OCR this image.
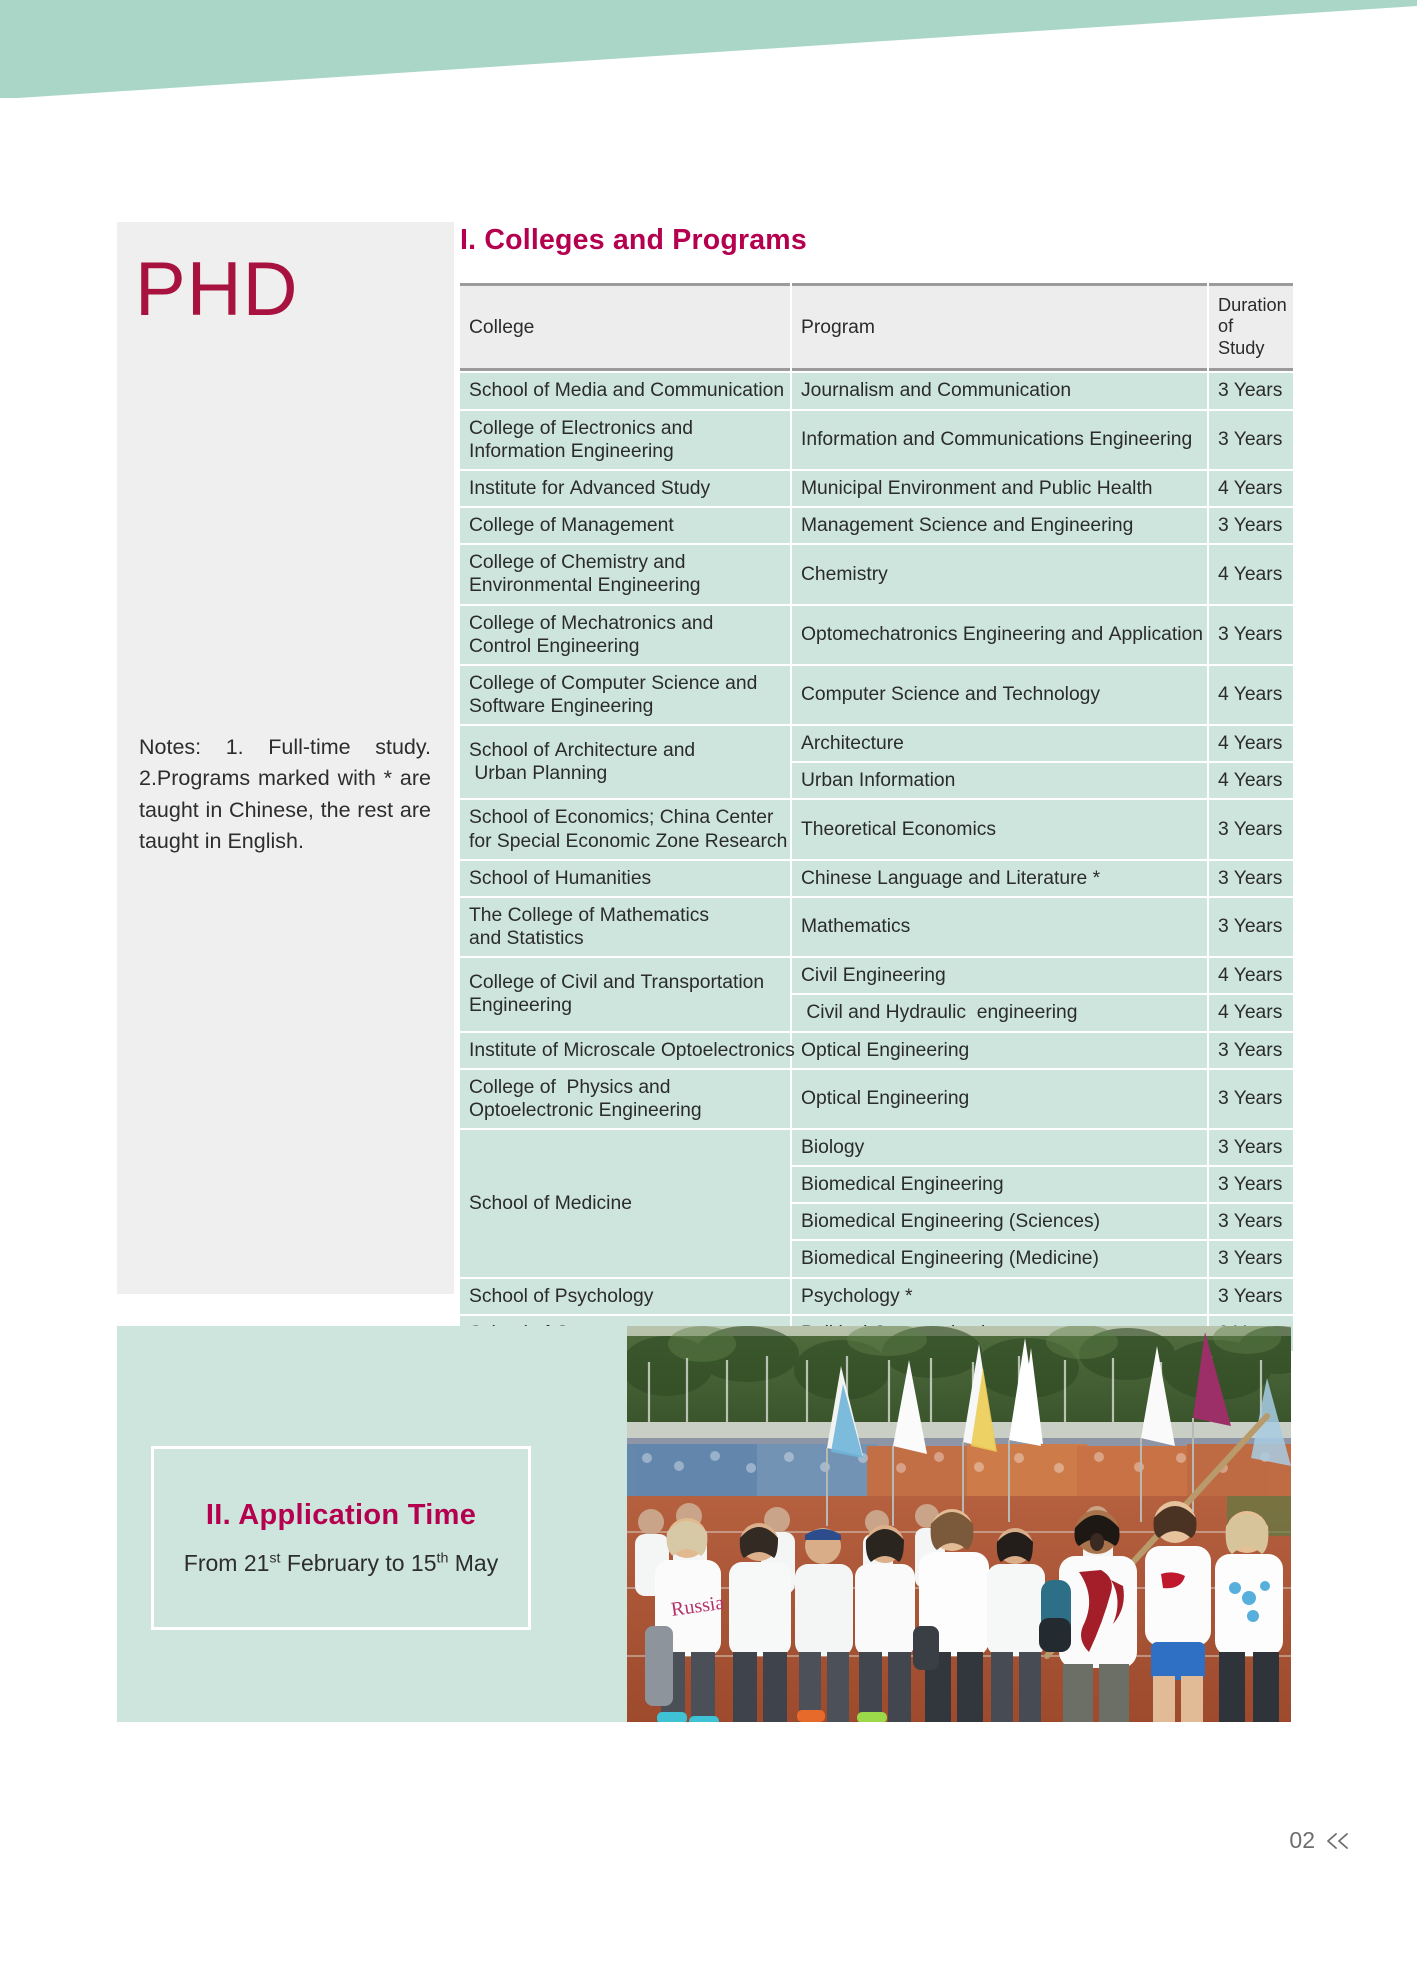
PHD
Notes: 1. Full-time study. 2.Programs marked with * are taught in Chinese, the rest are taught in English.
I. Colleges and Programs
College	Program	Duration
of Study
School of Media and Communication	Journalism and Communication	3 Years
College of Electronics and
Information Engineering	Information and Communications Engineering	3 Years
Institute for Advanced Study	Municipal Environment and Public Health	4 Years
College of Management	Management Science and Engineering	3 Years
College of Chemistry and
Environmental Engineering	Chemistry	4 Years
College of Mechatronics and
Control Engineering	Optomechatronics Engineering and Application	3 Years
College of Computer Science and
Software Engineering	Computer Science and Technology	4 Years
School of Architecture and
Urban Planning	Architecture	4 Years
	Urban Information	4 Years
School of Economics; China Center
for Special Economic Zone Research	Theoretical Economics	3 Years
School of Humanities	Chinese Language and Literature *	3 Years
The College of Mathematics
and Statistics	Mathematics	3 Years
College of Civil and Transportation
Engineering	Civil Engineering	4 Years
	Civil and Hydraulic  engineering	4 Years
Institute of Microscale Optoelectronics	Optical Engineering	3 Years
College of  Physics and
Optoelectronic Engineering	Optical Engineering	3 Years
School of Medicine	Biology	3 Years
	Biomedical Engineering	3 Years
	Biomedical Engineering (Sciences)	3 Years
	Biomedical Engineering (Medicine)	3 Years
School of Psychology	Psychology *	3 Years

II. Application Time
From 21st February to 15th May
Russia
02
